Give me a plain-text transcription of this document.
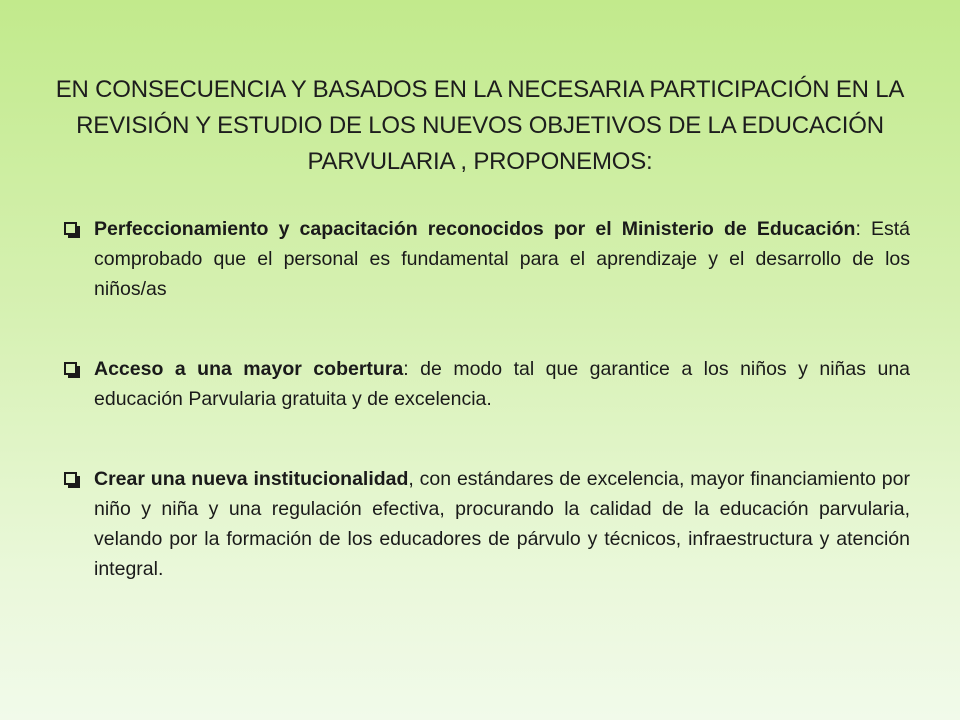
EN CONSECUENCIA Y BASADOS EN LA NECESARIA PARTICIPACIÓN EN LA REVISIÓN Y ESTUDIO DE LOS NUEVOS OBJETIVOS DE LA EDUCACIÓN PARVULARIA , PROPONEMOS:
Perfeccionamiento y capacitación reconocidos por el Ministerio de Educación: Está comprobado que el personal es fundamental para el aprendizaje y el desarrollo de los niños/as
Acceso a una mayor cobertura: de modo tal que garantice a los niños y niñas una educación Parvularia gratuita y de excelencia.
Crear una nueva institucionalidad, con estándares de excelencia, mayor financiamiento por niño y niña y una regulación efectiva, procurando la calidad de la educación parvularia, velando por la formación de los educadores de párvulo y técnicos, infraestructura y atención integral.
